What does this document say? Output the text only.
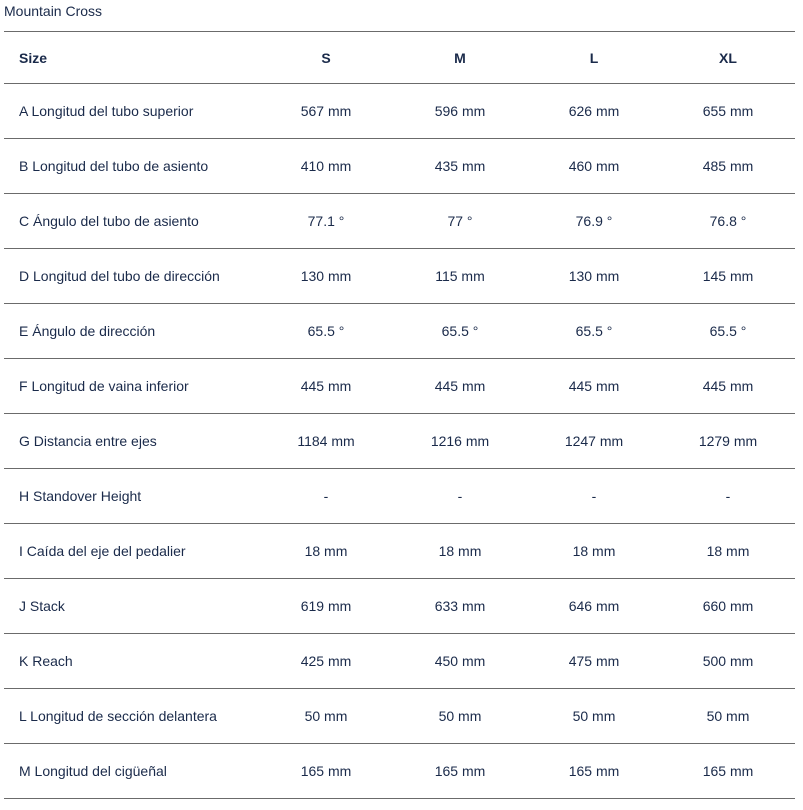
Mountain Cross
Size	S	M	L	XL
A Longitud del tubo superior	567 mm	596 mm	626 mm	655 mm
B Longitud del tubo de asiento	410 mm	435 mm	460 mm	485 mm
C Ángulo del tubo de asiento	77.1 °	77 °	76.9 °	76.8 °
D Longitud del tubo de dirección	130 mm	115 mm	130 mm	145 mm
E Ángulo de dirección	65.5 °	65.5 °	65.5 °	65.5 °
F Longitud de vaina inferior	445 mm	445 mm	445 mm	445 mm
G Distancia entre ejes	1184 mm	1216 mm	1247 mm	1279 mm
H Standover Height	-	-	-	-
I Caída del eje del pedalier	18 mm	18 mm	18 mm	18 mm
J Stack	619 mm	633 mm	646 mm	660 mm
K Reach	425 mm	450 mm	475 mm	500 mm
L Longitud de sección delantera	50 mm	50 mm	50 mm	50 mm
M Longitud del cigüeñal	165 mm	165 mm	165 mm	165 mm
